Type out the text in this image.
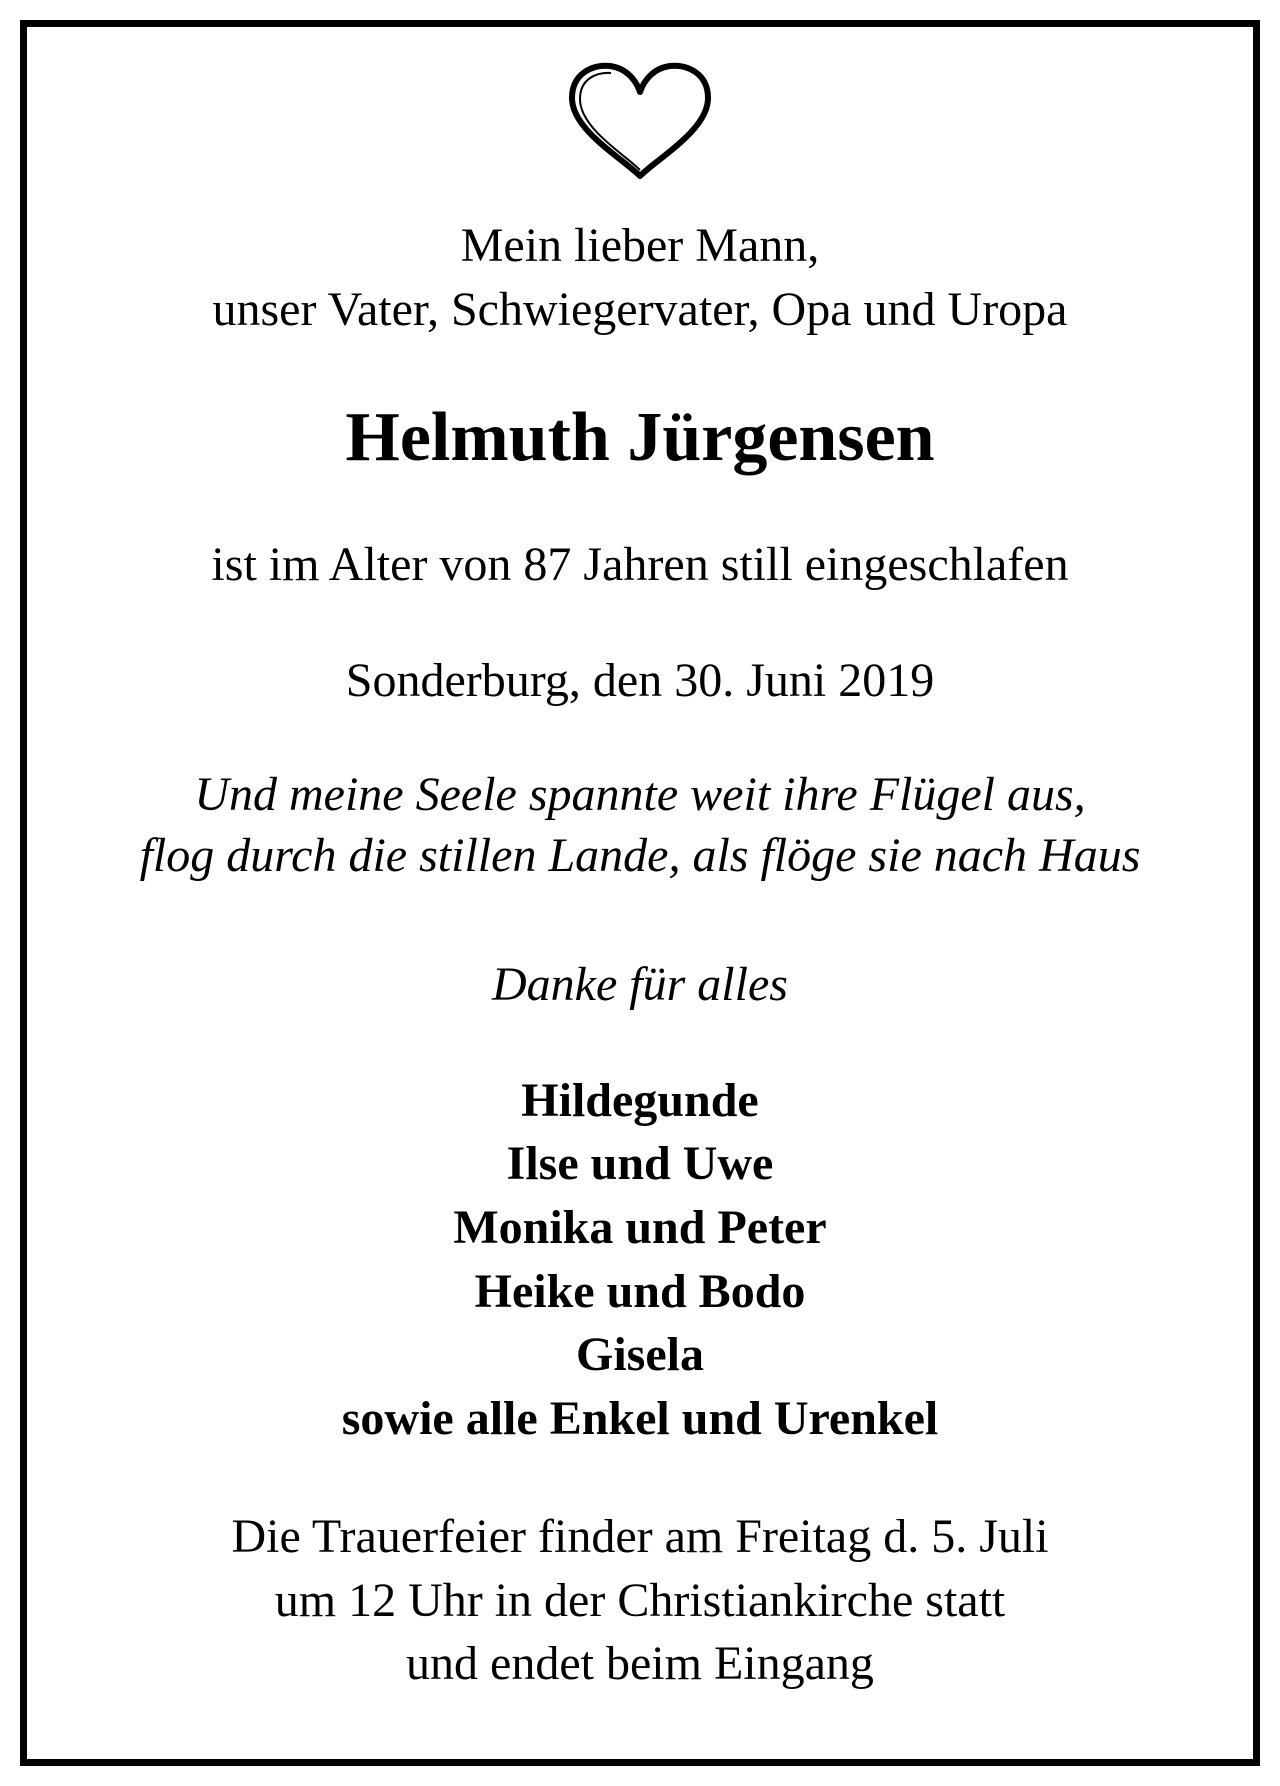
Mein lieber Mann,
unser Vater, Schwiegervater, Opa und Uropa
Helmuth Jürgensen
ist im Alter von 87 Jahren still eingeschlafen
Sonderburg, den 30. Juni 2019
Und meine Seele spannte weit ihre Flügel aus,
flog durch die stillen Lande, als flöge sie nach Haus
Danke für alles
Hildegunde
Ilse und Uwe
Monika und Peter
Heike und Bodo
Gisela
sowie alle Enkel und Urenkel
Die Trauerfeier finder am Freitag d. 5. Juli
um 12 Uhr in der Christiankirche statt
und endet beim Eingang
